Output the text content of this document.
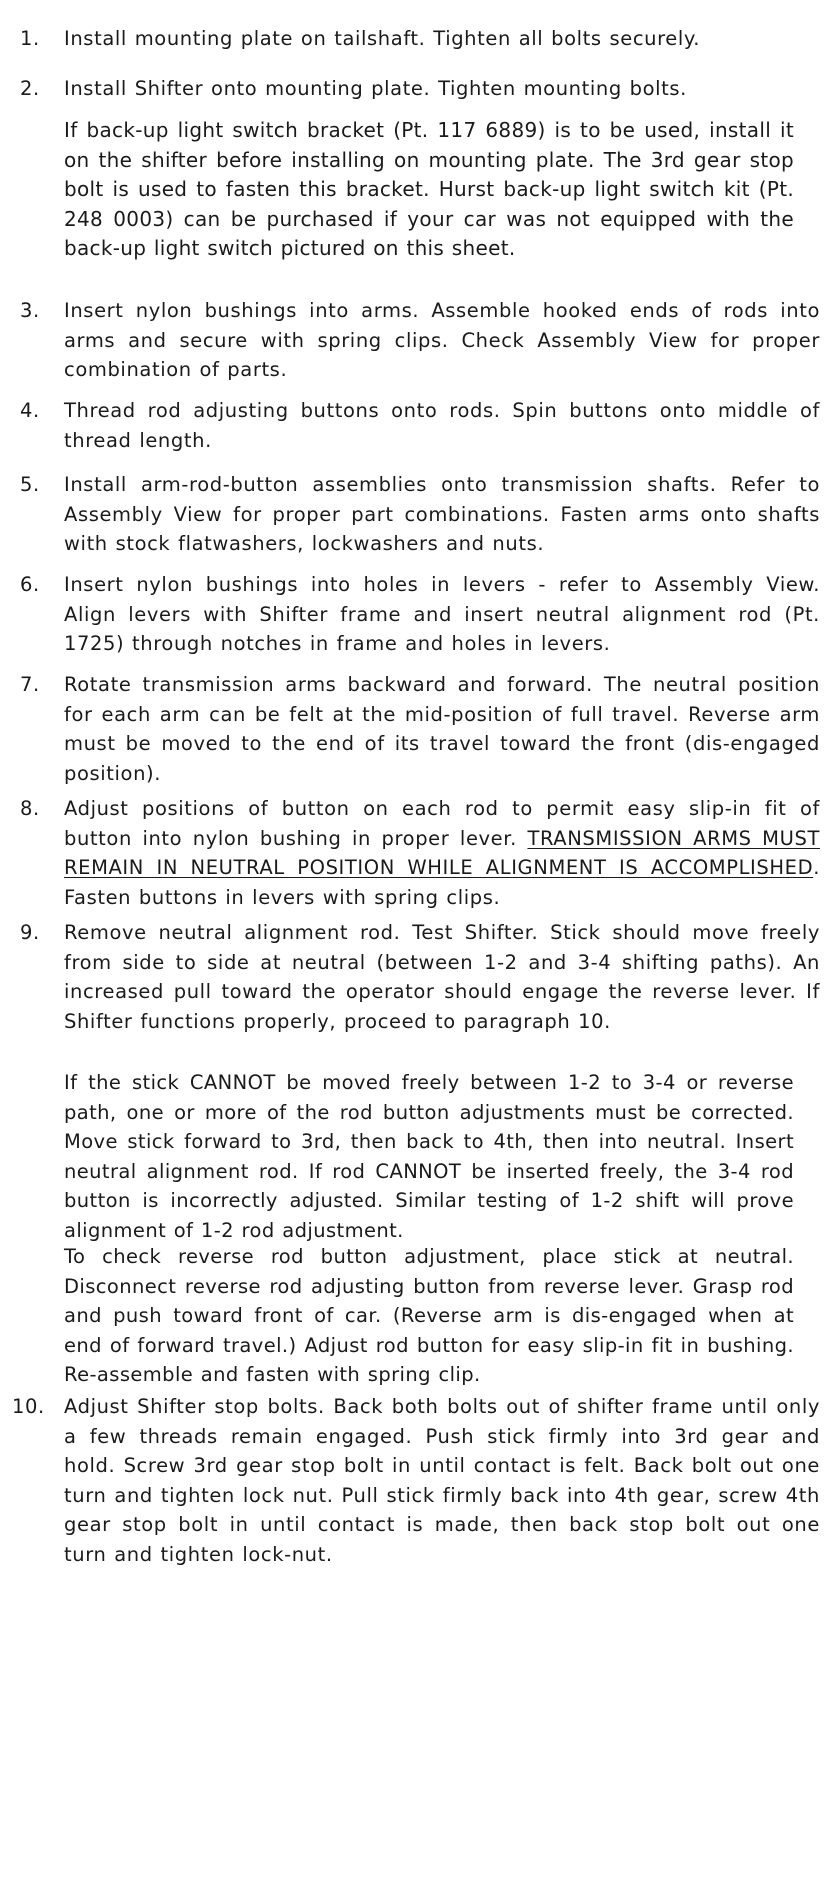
1. Install mounting plate on tailshaft. Tighten all bolts securely.
2. Install Shifter onto mounting plate. Tighten mounting bolts.
If back-up light switch bracket (Pt. 117 6889) is to be used, install it on the shifter before installing on mounting plate. The 3rd gear stop bolt is used to fasten this bracket. Hurst back-up light switch kit (Pt. 248 0003) can be purchased if your car was not equipped with the back-up light switch pictured on this sheet.
3. Insert nylon bushings into arms. Assemble hooked ends of rods into arms and secure with spring clips. Check Assembly View for proper combination of parts.
4. Thread rod adjusting buttons onto rods. Spin buttons onto middle of thread length.
5. Install arm-rod-button assemblies onto transmission shafts. Refer to Assembly View for proper part combinations. Fasten arms onto shafts with stock flatwashers, lockwashers and nuts.
6. Insert nylon bushings into holes in levers - refer to Assembly View. Align levers with Shifter frame and insert neutral alignment rod (Pt. 1725) through notches in frame and holes in levers.
7. Rotate transmission arms backward and forward. The neutral position for each arm can be felt at the mid-position of full travel. Reverse arm must be moved to the end of its travel toward the front (dis-engaged position).
8. Adjust positions of button on each rod to permit easy slip-in fit of button into nylon bushing in proper lever. TRANSMISSION ARMS MUST REMAIN IN NEUTRAL POSITION WHILE ALIGNMENT IS ACCOMPLISHED. Fasten buttons in levers with spring clips.
9. Remove neutral alignment rod. Test Shifter. Stick should move freely from side to side at neutral (between 1-2 and 3-4 shifting paths). An increased pull toward the operator should engage the reverse lever. If Shifter functions properly, proceed to paragraph 10.
If the stick CANNOT be moved freely between 1-2 to 3-4 or reverse path, one or more of the rod button adjustments must be corrected. Move stick forward to 3rd, then back to 4th, then into neutral. Insert neutral alignment rod. If rod CANNOT be inserted freely, the 3-4 rod button is incorrectly adjusted. Similar testing of 1-2 shift will prove alignment of 1-2 rod adjustment.
To check reverse rod button adjustment, place stick at neutral. Disconnect reverse rod adjusting button from reverse lever. Grasp rod and push toward front of car. (Reverse arm is dis-engaged when at end of forward travel.) Adjust rod button for easy slip-in fit in bushing. Re-assemble and fasten with spring clip.
10. Adjust Shifter stop bolts. Back both bolts out of shifter frame until only a few threads remain engaged. Push stick firmly into 3rd gear and hold. Screw 3rd gear stop bolt in until contact is felt. Back bolt out one turn and tighten lock nut. Pull stick firmly back into 4th gear, screw 4th gear stop bolt in until contact is made, then back stop bolt out one turn and tighten lock-nut.
